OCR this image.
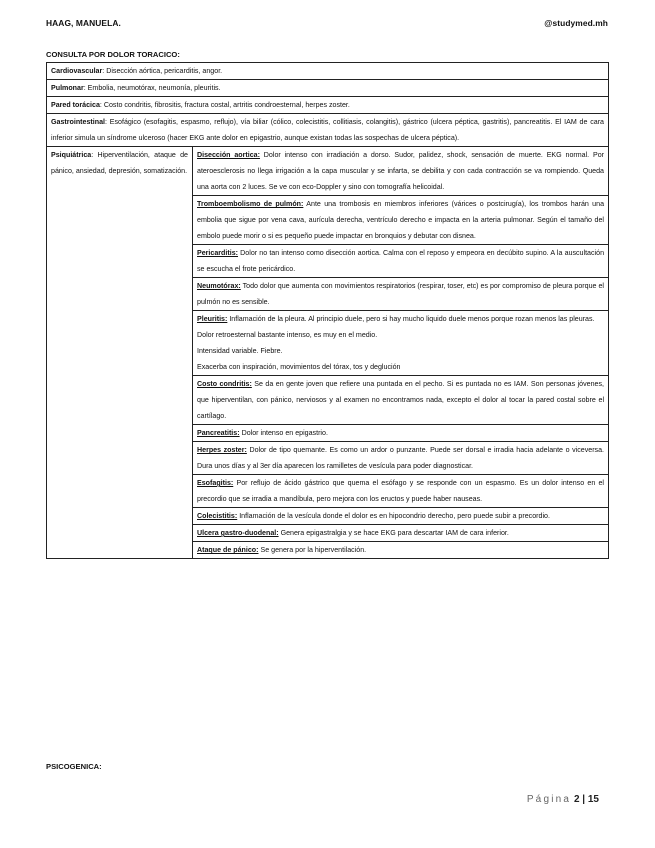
HAAG, MANUELA.	@studymed.mh
CONSULTA POR DOLOR TORACICO:
Cardiovascular: Disección aórtica, pericarditis, angor.
Pulmonar: Embolia, neumotórax, neumonía, pleuritis.
Pared torácica: Costo condritis, fibrositis, fractura costal, artritis condroesternal, herpes zoster.
Gastrointestinal: Esofágico (esofagitis, espasmo, reflujo), vía biliar (cólico, colecistitis, collitiasis, colangitis), gástrico (ulcera péptica, gastritis), pancreatitis. El IAM de cara inferior simula un síndrome ulceroso (hacer EKG ante dolor en epigastrio, aunque existan todas las sospechas de ulcera péptica).
Psiquiátrica: Hiperventilación, ataque de pánico, ansiedad, depresión, somatización.	Disección aortica: Dolor intenso con irradiación a dorso. Sudor, palidez, shock, sensación de muerte. EKG normal. Por ateroesclerosis no llega irrigación a la capa muscular y se infarta, se debilita y con cada contracción se va rompiendo. Queda una aorta con 2 luces. Se ve con eco-Doppler y sino con tomografía helicoidal.
Tromboembolismo de pulmón: Ante una trombosis en miembros inferiores (várices o postcirugía), los trombos harán una embolia que sigue por vena cava, aurícula derecha, ventrículo derecho e impacta en la arteria pulmonar. Según el tamaño del embolo puede morir o si es pequeño puede impactar en bronquios y debutar con disnea.
Pericarditis: Dolor no tan intenso como disección aortica. Calma con el reposo y empeora en decúbito supino. A la auscultación se escucha el frote pericárdico.
Neumotórax: Todo dolor que aumenta con movimientos respiratorios (respirar, toser, etc) es por compromiso de pleura porque el pulmón no es sensible.
Pleuritis: Inflamación de la pleura. Al principio duele, pero si hay mucho liquido duele menos porque rozan menos las pleuras.
Dolor retroesternal bastante intenso, es muy en el medio.
Intensidad variable. Fiebre.
Exacerba con inspiración, movimientos del tórax, tos y deglución

Costo condritis: Se da en gente joven que refiere una puntada en el pecho. Si es puntada no es IAM. Son personas jóvenes, que hiperventilan, con pánico, nerviosos y al examen no encontramos nada, excepto el dolor al tocar la pared costal sobre el cartílago.
Pancreatitis: Dolor intenso en epigastrio.
Herpes zoster: Dolor de tipo quemante. Es como un ardor o punzante. Puede ser dorsal e irradia hacia adelante o viceversa. Dura unos días y al 3er día aparecen los ramilletes de vesícula para poder diagnosticar.
Esofagitis: Por reflujo de ácido gástrico que quema el esófago y se responde con un espasmo. Es un dolor intenso en el precordio que se irradia a mandíbula, pero mejora con los eructos y puede haber nauseas.
Colecistitis: Inflamación de la vesícula donde el dolor es en hipocondrio derecho, pero puede subir a precordio.
Ulcera gastro-duodenal: Genera epigastralgia y se hace EKG para descartar IAM de cara inferior.
Ataque de pánico: Se genera por la hiperventilación.
PSICOGENICA:
Página 2 | 15
